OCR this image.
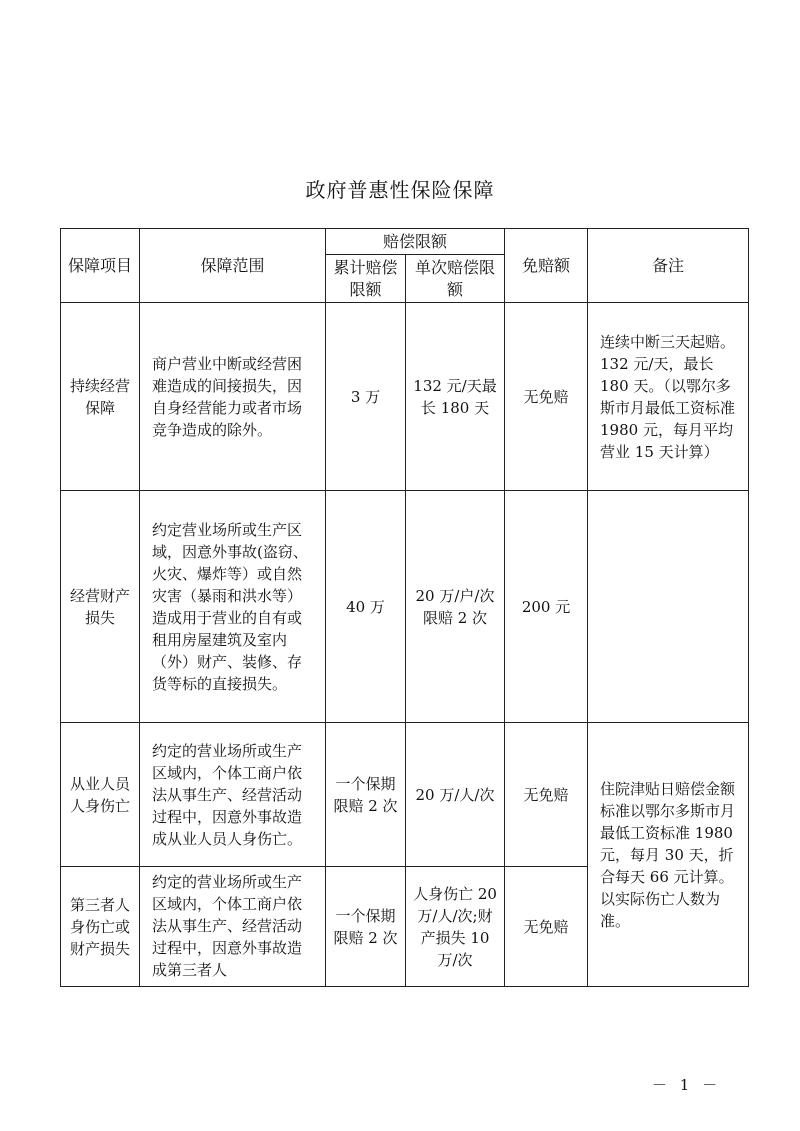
政府普惠性保险保障
保障项目	保障范围	赔偿限额		免赔额	备注
		累计赔偿限额	单次赔偿限额		
持续经营保障	商户营业中断或经营困难造成的间接损失，因自身经营能力或者市场竞争造成的除外。	3 万	132 元/天最长 180 天	无免赔	连续中断三天起赔。132 元/天，最长 180 天。（以鄂尔多斯市月最低工资标准 1980 元，每月平均营业 15 天计算）
经营财产损失	约定营业场所或生产区域，因意外事故(盗窃、火灾、爆炸等）或自然灾害（暴雨和洪水等）造成用于营业的自有或租用房屋建筑及室内（外）财产、装修、存货等标的直接损失。	40 万	20 万/户/次限赔 2 次	200 元	
从业人员人身伤亡	约定的营业场所或生产区域内，个体工商户依法从事生产、经营活动过程中，因意外事故造成从业人员人身伤亡。	一个保期限赔 2 次	20 万/人/次	无免赔	住院津贴日赔偿金额标准以鄂尔多斯市月最低工资标准 1980 元，每月 30 天，折合每天 66 元计算。以实际伤亡人数为准。
第三者人身伤亡或财产损失	约定的营业场所或生产区域内，个体工商户依法从事生产、经营活动过程中，因意外事故造成第三者人	一个保期限赔 2 次	人身伤亡 20 万/人/次;财产损失 10 万/次	无免赔	
－ 1 －
